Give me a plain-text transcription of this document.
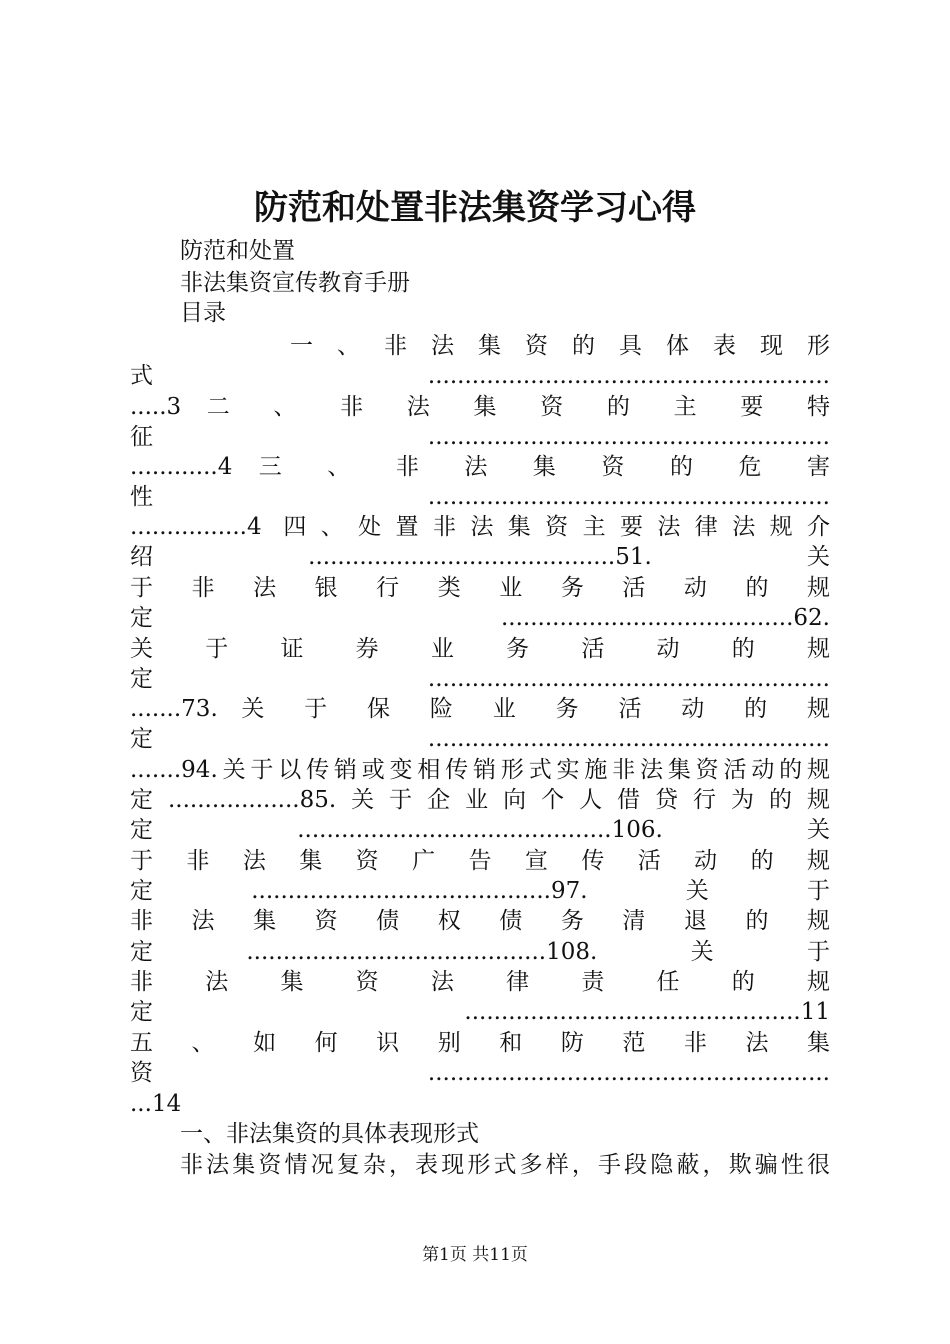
防范和处置非法集资学习心得
防范和处置
非法集资宣传教育手册
目录
一 、 非 法 集 资 的 具 体 表 现 形
式.......................................................
.....3 二 、 非 法 集 资 的 主 要 特
征.......................................................
............4 三 、 非 法 集 资 的 危 害
性.......................................................
................4 四、处置非法集资主要法律法规介
绍..........................................51.关
于 非 法 银 行 类 业 务 活 动 的 规
定 ........................................62.
关 于 证 券 业 务 活 动 的 规
定.......................................................
.......73. 关 于 保 险 业 务 活 动 的 规
定.......................................................
.......94.关于以传销或变相传销形式实施非法集资活动的规
定..................85.关于企业向个人借贷行为的规
定...........................................106.关
于 非 法 集 资 广 告 宣 传 活 动 的 规
定.........................................97.关于
非 法 集 资 债 权 债 务 清 退 的 规
定.........................................108.关于
非 法 集 资 法 律 责 任 的 规
定..............................................11
五 、 如 何 识 别 和 防 范 非 法 集
资.......................................................
...14
一、非法集资的具体表现形式
非法集资情况复杂，表现形式多样，手段隐蔽，欺骗性很
第1页 共11页
